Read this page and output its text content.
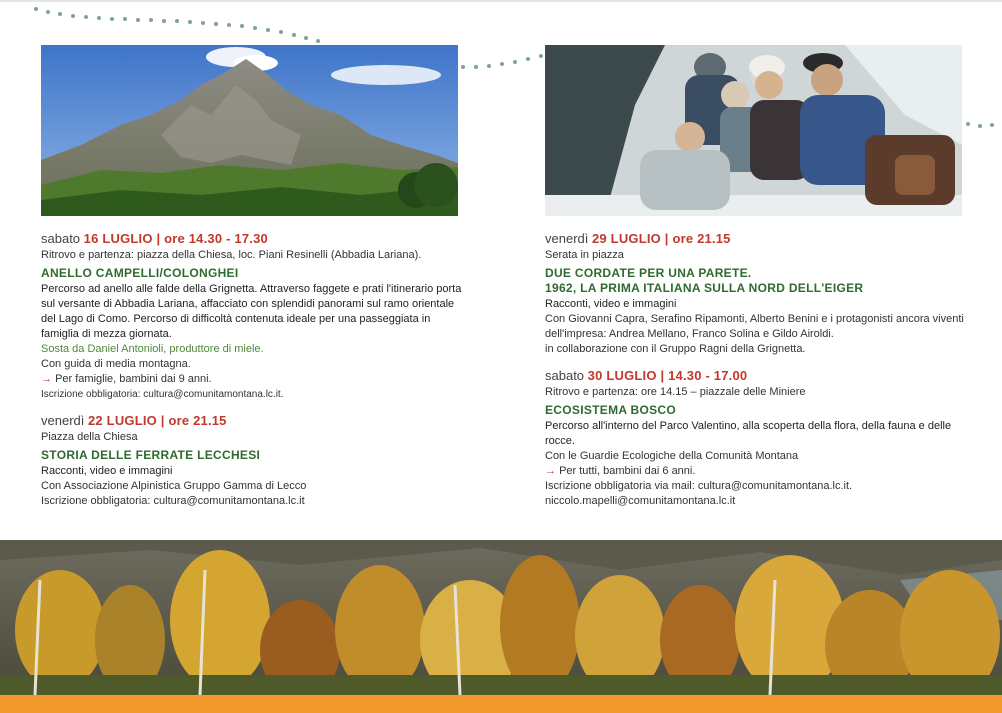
sabato 16 LUGLIO | ore 14.30 - 17.30
Ritrovo e partenza: piazza della Chiesa, loc. Piani Resinelli (Abbadia Lariana).
ANELLO CAMPELLI/COLONGHEI
Percorso ad anello alle falde della Grignetta. Attraverso faggete e prati l'itinerario porta sul versante di Abbadia Lariana, affacciato con splendidi panorami sul ramo orientale del Lago di Como. Percorso di difficoltà contenuta ideale per una passeggiata in famiglia di mezza giornata.
Sosta da Daniel Antonioli, produttore di miele.
Con guida di media montagna.
→ Per famiglie, bambini dai 9 anni.
Iscrizione obbligatoria: cultura@comunitamontana.lc.it.
venerdì 22 LUGLIO | ore 21.15
Piazza della Chiesa
STORIA DELLE FERRATE LECCHESI
Racconti, video e immagini
Con Associazione Alpinistica Gruppo Gamma di Lecco
Iscrizione obbligatoria: cultura@comunitamontana.lc.it
venerdì 29 LUGLIO | ore 21.15
Serata in piazza
DUE CORDATE PER UNA PARETE.
1962, LA PRIMA ITALIANA SULLA NORD DELL'EIGER
Racconti, video e immagini
Con Giovanni Capra, Serafino Ripamonti, Alberto Benini e i protagonisti ancora viventi dell'impresa: Andrea Mellano, Franco Solina e Gildo Airoldi.
in collaborazione con il Gruppo Ragni della Grignetta.
sabato 30 LUGLIO | 14.30 - 17.00
Ritrovo e partenza: ore 14.15 – piazzale delle Miniere
ECOSISTEMA BOSCO
Percorso all'interno del Parco Valentino, alla scoperta della flora, della fauna e delle rocce.
Con le Guardie Ecologiche della Comunità Montana
→ Per tutti, bambini dai 6 anni.
Iscrizione obbligatoria via mail: cultura@comunitamontana.lc.it.
niccolo.mapelli@comunitamontana.lc.it
